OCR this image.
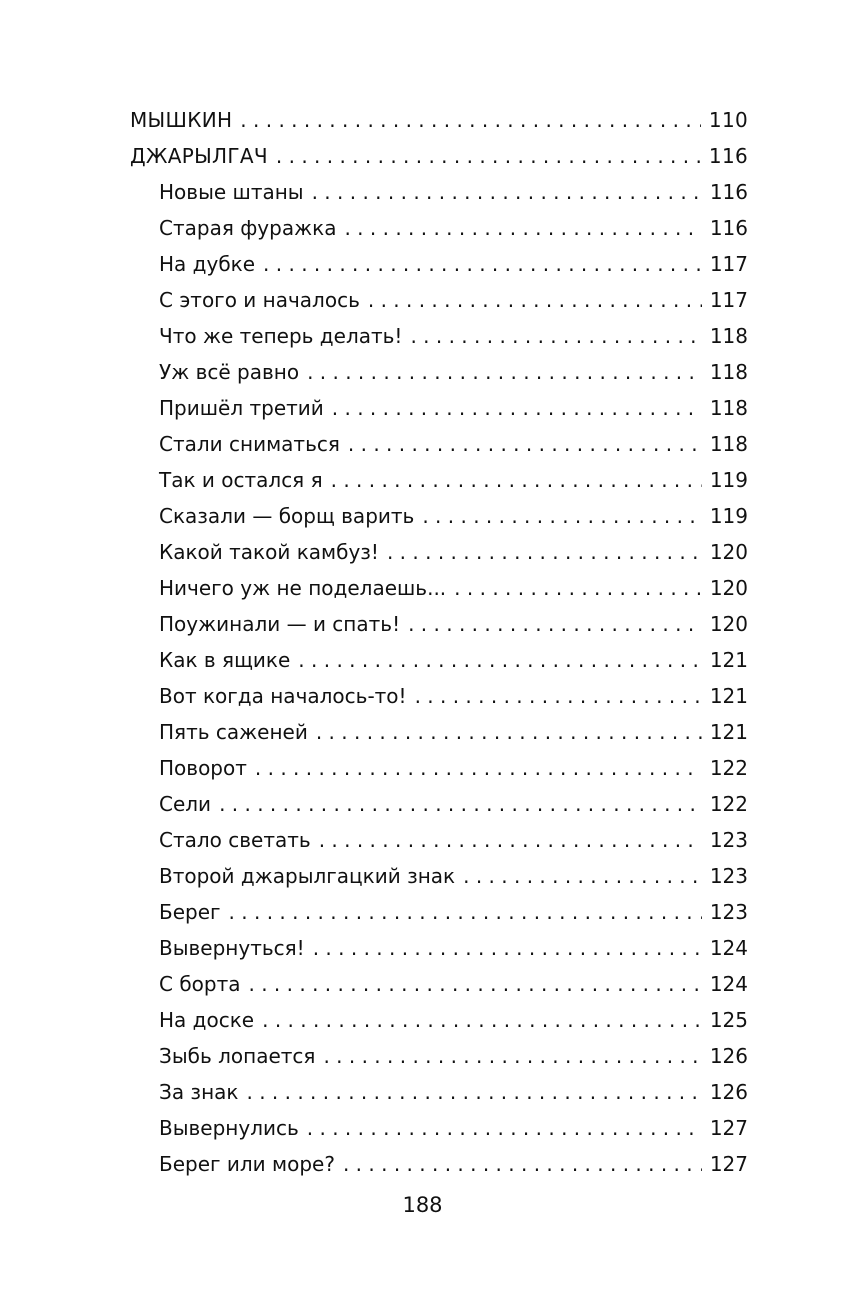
МЫШКИН . . .	110
ДЖАРЫЛГАЧ . . .	116
Новые штаны . . .	116
Старая фуражка . . .	116
На дубке . . .	117
С этого и началось . . .	117
Что же теперь делать! . . .	118
Уж всё равно . . .	118
Пришёл третий . . .	118
Стали сниматься . . .	118
Так и остался я . . .	119
Сказали — борщ варить . . .	119
Какой такой камбуз! . . .	120
Ничего уж не поделаешь... . . .	120
Поужинали — и спать! . . .	120
Как в ящике . . .	121
Вот когда началось-то! . . .	121
Пять саженей . . .	121
Поворот . . .	122
Сели . . .	122
Стало светать . . .	123
Второй джарылгацкий знак . . .	123
Берег . . .	123
Вывернуться! . . .	124
С борта . . .	124
На доске . . .	125
Зыбь лопается . . .	126
За знак . . .	126
Вывернулись . . .	127
Берег или море? . . .	127
188
